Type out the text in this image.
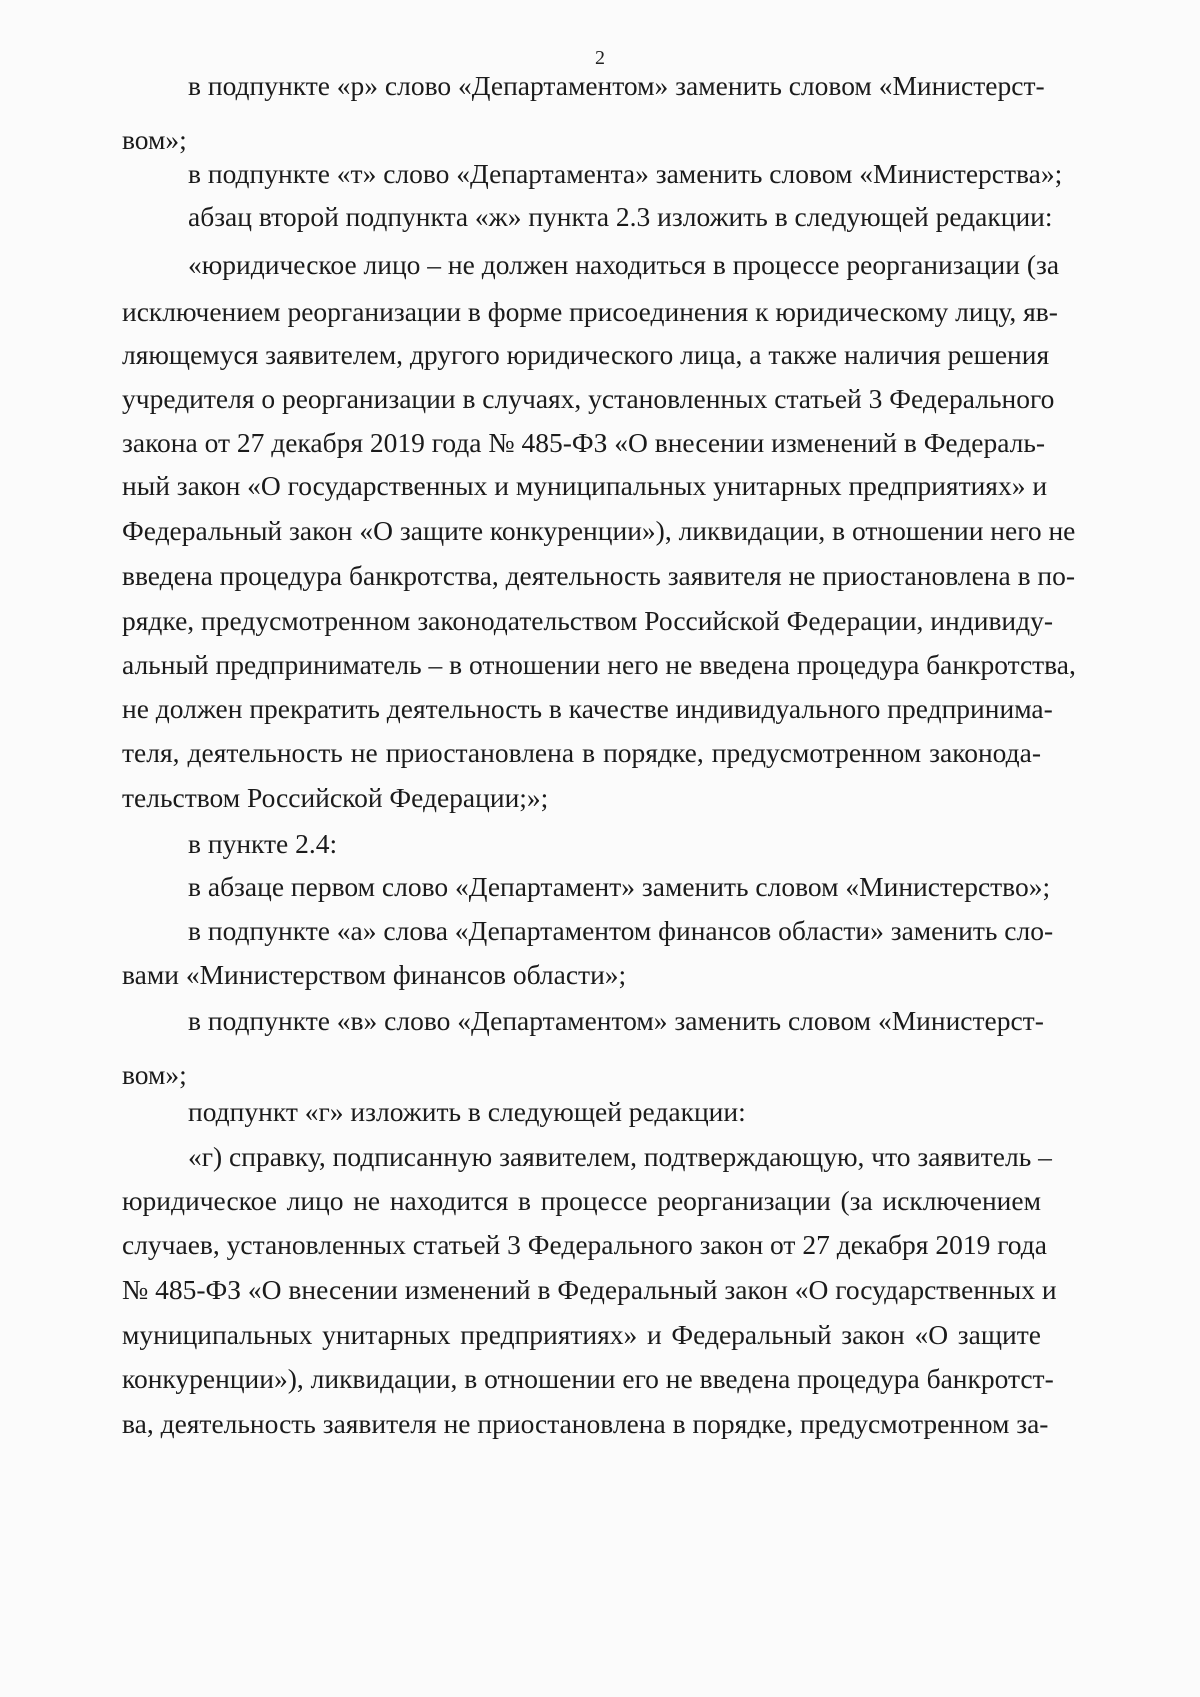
2

в подпункте «р» слово «Департаментом» заменить словом «Министерст-

вом»;

в подпункте «т» слово «Департамента» заменить словом «Министерства»;

абзац второй подпункта «ж» пункта 2.3 изложить в следующей редакции:

«юридическое лицо – не должен находиться в процессе реорганизации (за

исключением реорганизации в форме присоединения к юридическому лицу, яв-

ляющемуся заявителем, другого юридического лица, а также наличия решения

учредителя о реорганизации в случаях, установленных статьей 3 Федерального

закона от 27 декабря 2019 года № 485-ФЗ «О внесении изменений в Федераль-

ный закон «О государственных и муниципальных унитарных предприятиях» и

Федеральный закон «О защите конкуренции»), ликвидации, в отношении него не

введена процедура банкротства, деятельность заявителя не приостановлена в по-

рядке, предусмотренном законодательством Российской Федерации, индивиду-

альный предприниматель – в отношении него не введена процедура банкротства,

не должен прекратить деятельность в качестве индивидуального предпринима-

теля, деятельность не приостановлена в порядке, предусмотренном законода-

тельством Российской Федерации;»;

в пункте 2.4:

в абзаце первом слово «Департамент» заменить словом «Министерство»;

в подпункте «а» слова «Департаментом финансов области» заменить сло-

вами «Министерством финансов области»;

в подпункте «в» слово «Департаментом» заменить словом «Министерст-

вом»;

подпункт «г» изложить в следующей редакции:

«г) справку, подписанную заявителем, подтверждающую, что заявитель –

юридическое лицо не находится в процессе реорганизации (за исключением

случаев, установленных статьей 3 Федерального закон от 27 декабря 2019 года

№ 485-ФЗ «О внесении изменений в Федеральный закон «О государственных и

муниципальных унитарных предприятиях» и Федеральный закон «О защите

конкуренции»), ликвидации, в отношении его не введена процедура банкротст-

ва, деятельность заявителя не приостановлена в порядке, предусмотренном за-
